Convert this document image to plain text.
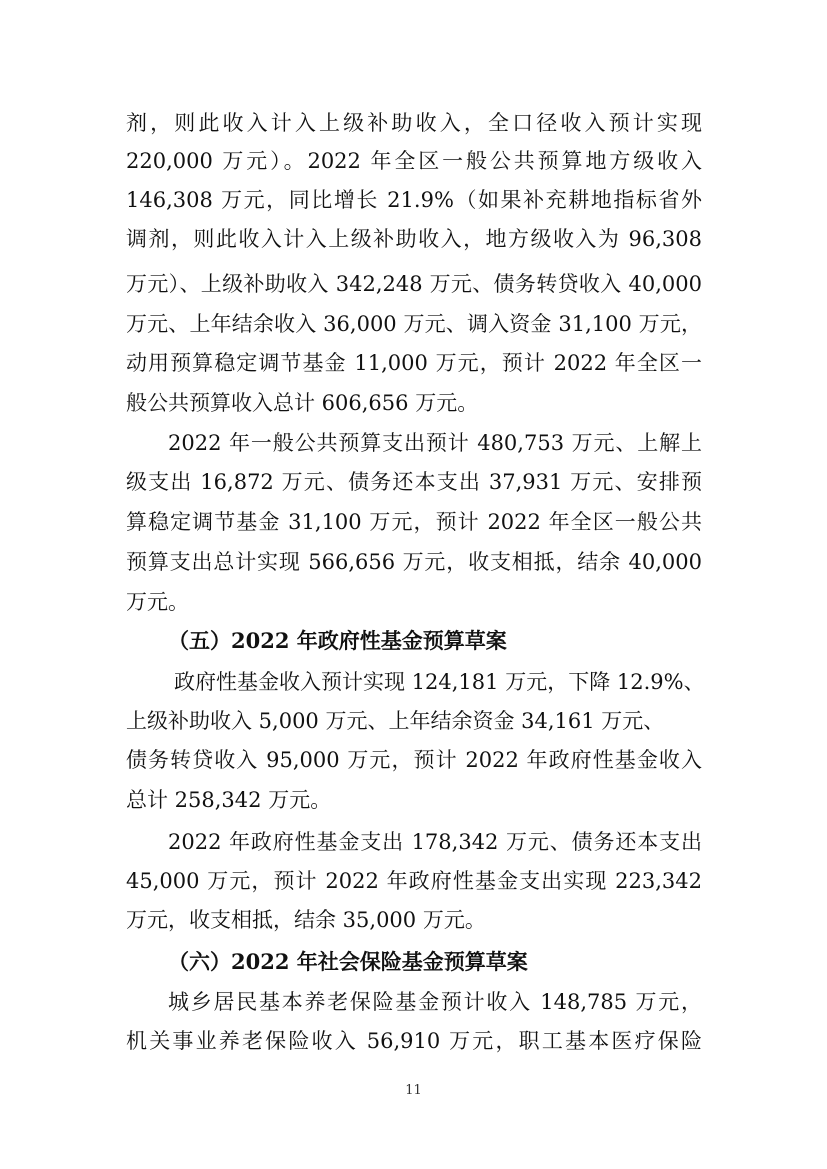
剂，则此收入计入上级补助收入，全口径收入预计实现
220,000 万元）。2022 年全区一般公共预算地方级收入
146,308 万元，同比增长 21.9%（如果补充耕地指标省外
调剂，则此收入计入上级补助收入，地方级收入为 96,308
万元）、上级补助收入 342,248 万元、债务转贷收入 40,000
万元、上年结余收入 36,000 万元、调入资金 31,100 万元，
动用预算稳定调节基金 11,000 万元，预计 2022 年全区一
般公共预算收入总计 606,656 万元。
2022 年一般公共预算支出预计 480,753 万元、上解上
级支出 16,872 万元、债务还本支出 37,931 万元、安排预
算稳定调节基金 31,100 万元，预计 2022 年全区一般公共
预算支出总计实现 566,656 万元，收支相抵，结余 40,000
万元。
（五）2022 年政府性基金预算草案
政府性基金收入预计实现 124,181 万元，下降 12.9%、
上级补助收入 5,000 万元、上年结余资金 34,161 万元、
债务转贷收入 95,000 万元，预计 2022 年政府性基金收入
总计 258,342 万元。
2022 年政府性基金支出 178,342 万元、债务还本支出
45,000 万元，预计 2022 年政府性基金支出实现 223,342
万元，收支相抵，结余 35,000 万元。
（六）2022 年社会保险基金预算草案
城乡居民基本养老保险基金预计收入 148,785 万元，
机关事业养老保险收入 56,910 万元，职工基本医疗保险
11
